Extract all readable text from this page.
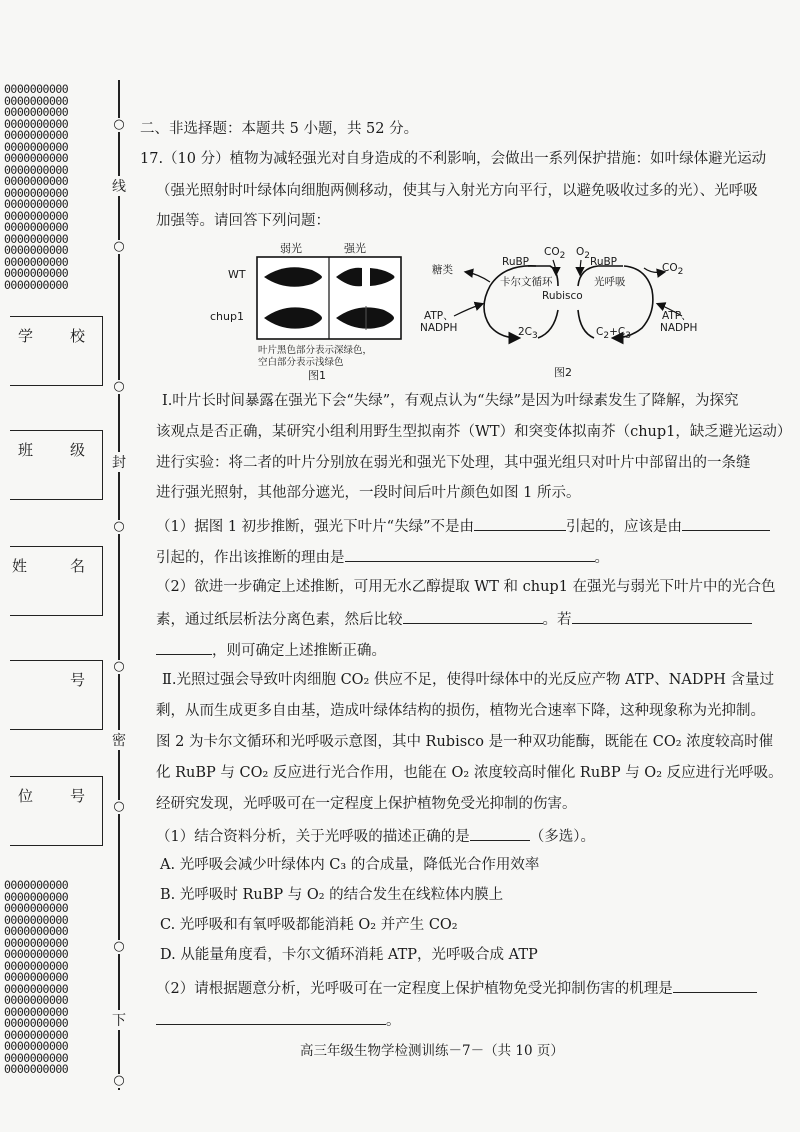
0000000000
0000000000
0000000000
0000000000
0000000000
0000000000
0000000000
0000000000
0000000000
0000000000
0000000000
0000000000
0000000000
0000000000
0000000000
0000000000
0000000000
0000000000
0000000000
0000000000
0000000000
0000000000
0000000000
0000000000
0000000000
0000000000
0000000000
0000000000
0000000000
0000000000
0000000000
0000000000
0000000000
0000000000
0000000000
○
线
○
○
封
○
○
密
○
○
下
○
学 校
班 级
姓	名
号
位 号
二、非选择题：本题共 5 小题，共 52 分。
17.（10 分）植物为减轻强光对自身造成的不利影响，会做出一系列保护措施：如叶绿体避光运动
（强光照射时叶绿体向细胞两侧移动，使其与入射光方向平行，以避免吸收过多的光）、光呼吸
加强等。请回答下列问题：
弱光	强光
WT
chup1
叶片黑色部分表示深绿色，
空白部分表示浅绿色
图1
糖类
RuBP
$CO_2$ $O_2$ RuBP	$CO_2$
卡尔文循环	光呼吸
Rubisco
ATP、
NADPH	$2C_3$	$C_2+C_3$
ATP、
NADPH
图2
Ⅰ.叶片长时间暴露在强光下会“失绿”，有观点认为“失绿”是因为叶绿素发生了降解，为探究
该观点是否正确，某研究小组利用野生型拟南芥（WT）和突变体拟南芥（chup1，缺乏避光运动）
进行实验：将二者的叶片分别放在弱光和强光下处理，其中强光组只对叶片中部留出的一条缝
进行强光照射，其他部分遮光，一段时间后叶片颜色如图 1 所示。
（1）据图 1 初步推断，强光下叶片“失绿”不是由	引起的，应该是由
引起的，作出该推断的理由是	。
（2）欲进一步确定上述推断，可用无水乙醇提取 WT 和 chup1 在强光与弱光下叶片中的光合色
素，通过纸层析法分离色素，然后比较	。若
，则可确定上述推断正确。
Ⅱ.光照过强会导致叶肉细胞 CO₂ 供应不足，使得叶绿体中的光反应产物 ATP、NADPH 含量过
剩，从而生成更多自由基，造成叶绿体结构的损伤，植物光合速率下降，这种现象称为光抑制。
图 2 为卡尔文循环和光呼吸示意图，其中 Rubisco 是一种双功能酶，既能在 CO₂ 浓度较高时催
化 RuBP 与 CO₂ 反应进行光合作用，也能在 O₂ 浓度较高时催化 RuBP 与 O₂ 反应进行光呼吸。
经研究发现，光呼吸可在一定程度上保护植物免受光抑制的伤害。
（1）结合资料分析，关于光呼吸的描述正确的是	（多选）。
A. 光呼吸会减少叶绿体内 C₃ 的合成量，降低光合作用效率
B. 光呼吸时 RuBP 与 O₂ 的结合发生在线粒体内膜上
C. 光呼吸和有氧呼吸都能消耗 O₂ 并产生 CO₂
D. 从能量角度看，卡尔文循环消耗 ATP，光呼吸合成 ATP
（2）请根据题意分析，光呼吸可在一定程度上保护植物免受光抑制伤害的机理是
。
高三年级生物学检测训练－7－（共 10 页）
